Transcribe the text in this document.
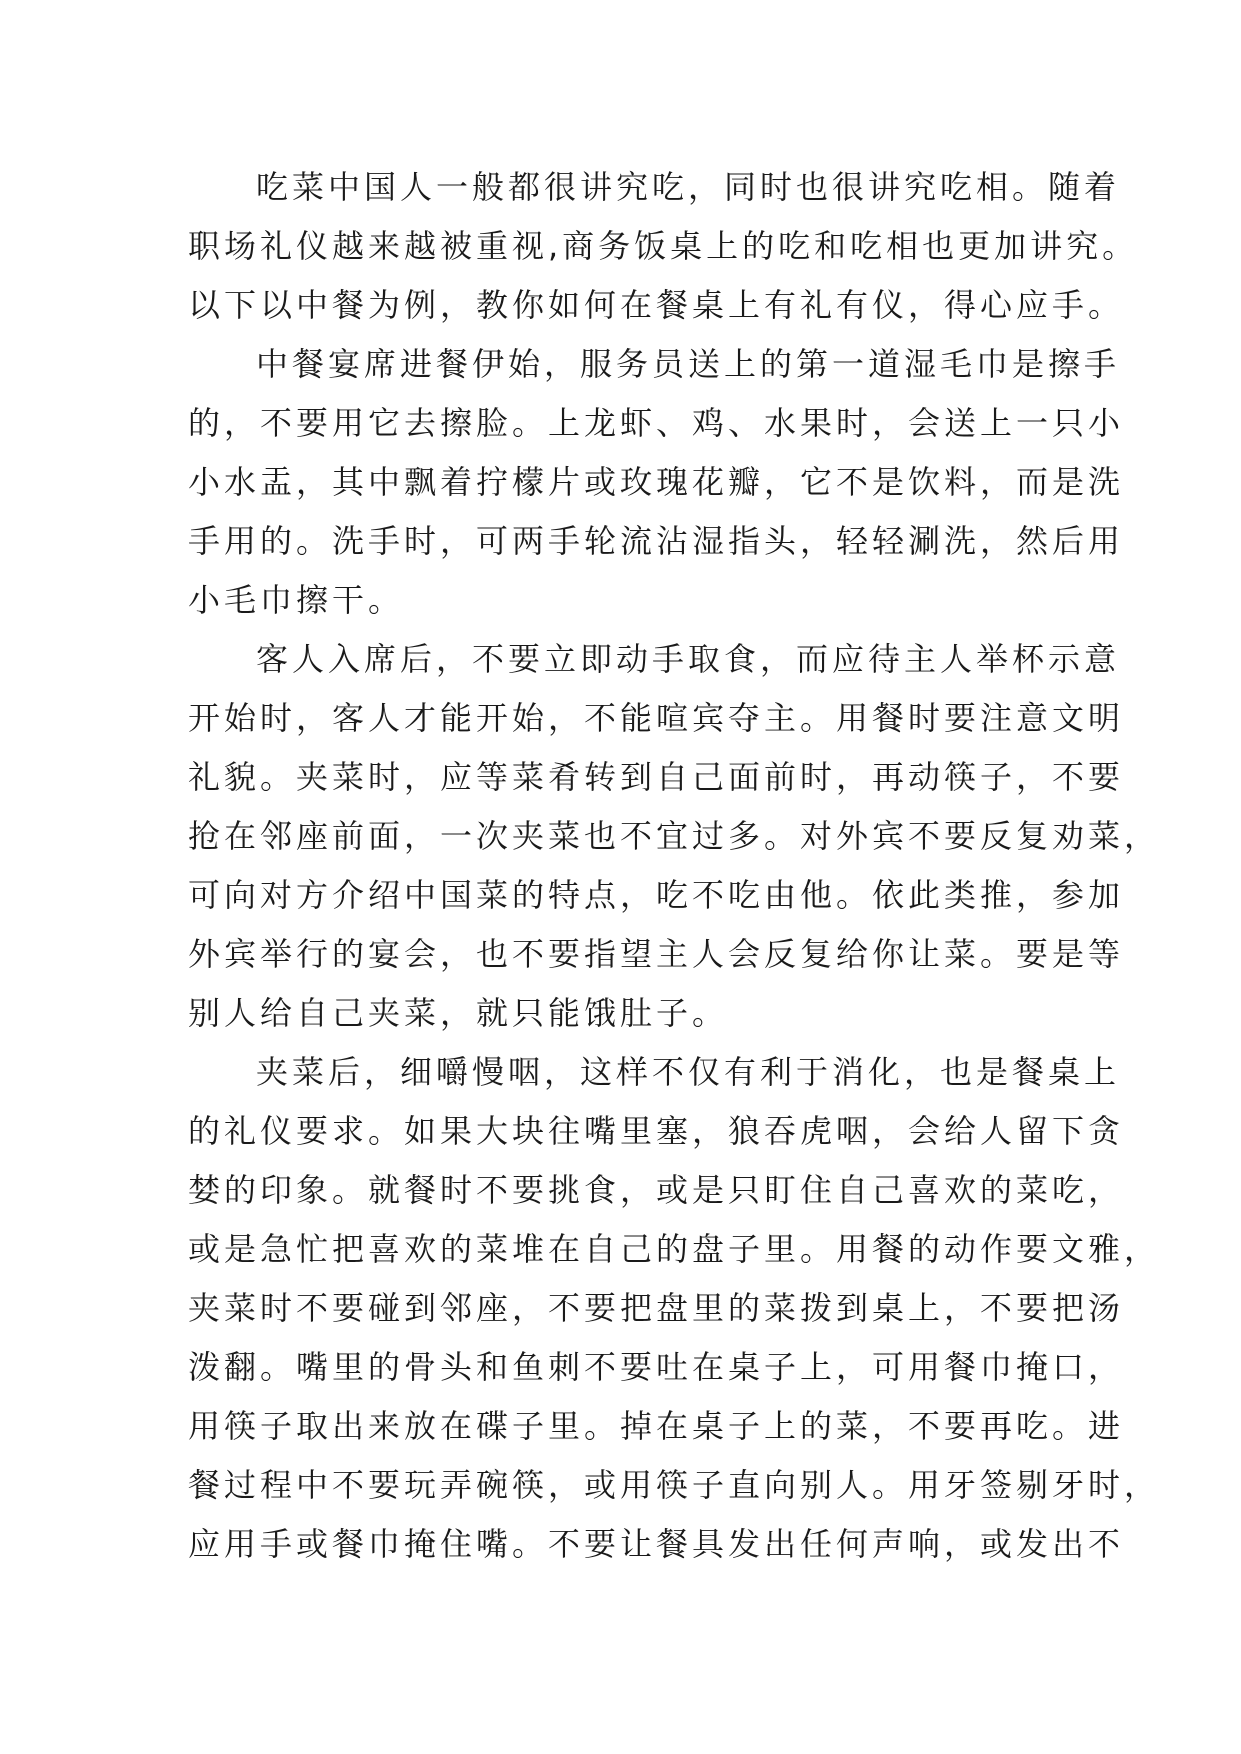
吃菜中国人一般都很讲究吃，同时也很讲究吃相。随着
职场礼仪越来越被重视,商务饭桌上的吃和吃相也更加讲究。
以下以中餐为例，教你如何在餐桌上有礼有仪，得心应手。
中餐宴席进餐伊始，服务员送上的第一道湿毛巾是擦手
的，不要用它去擦脸。上龙虾、鸡、水果时，会送上一只小
小水盂，其中飘着拧檬片或玫瑰花瓣，它不是饮料，而是洗
手用的。洗手时，可两手轮流沾湿指头，轻轻涮洗，然后用
小毛巾擦干。
客人入席后，不要立即动手取食，而应待主人举杯示意
开始时，客人才能开始，不能喧宾夺主。用餐时要注意文明
礼貌。夹菜时，应等菜肴转到自己面前时，再动筷子，不要
抢在邻座前面，一次夹菜也不宜过多。对外宾不要反复劝菜，
可向对方介绍中国菜的特点，吃不吃由他。依此类推，参加
外宾举行的宴会，也不要指望主人会反复给你让菜。要是等
别人给自己夹菜，就只能饿肚子。
夹菜后，细嚼慢咽，这样不仅有利于消化，也是餐桌上
的礼仪要求。如果大块往嘴里塞，狼吞虎咽，会给人留下贪
婪的印象。就餐时不要挑食，或是只盯住自己喜欢的菜吃，
或是急忙把喜欢的菜堆在自己的盘子里。用餐的动作要文雅，
夹菜时不要碰到邻座，不要把盘里的菜拨到桌上，不要把汤
泼翻。嘴里的骨头和鱼刺不要吐在桌子上，可用餐巾掩口，
用筷子取出来放在碟子里。掉在桌子上的菜，不要再吃。进
餐过程中不要玩弄碗筷，或用筷子直向别人。用牙签剔牙时，
应用手或餐巾掩住嘴。不要让餐具发出任何声响，或发出不
